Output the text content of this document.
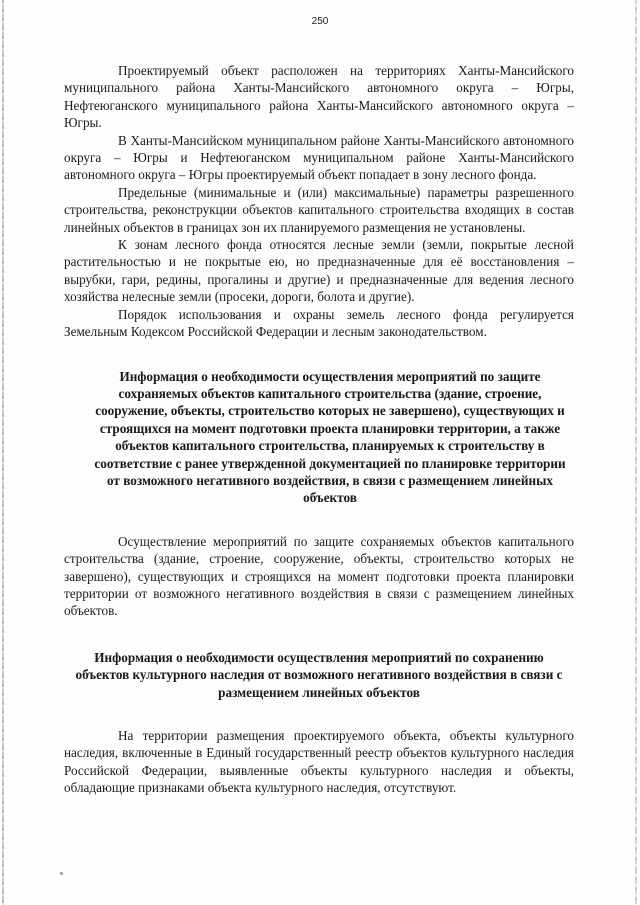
250

Проектируемый объект расположен на территориях Ханты-Мансийского муниципального района Ханты-Мансийского автономного округа – Югры, Нефтеюганского муниципального района Ханты-Мансийского автономного округа – Югры.

В Ханты-Мансийском муниципальном районе Ханты-Мансийского автономного округа – Югры и Нефтеюганском муниципальном районе Ханты-Мансийского автономного округа – Югры проектируемый объект попадает в зону лесного фонда.

Предельные (минимальные и (или) максимальные) параметры разрешенного строительства, реконструкции объектов капитального строительства входящих в состав линейных объектов в границах зон их планируемого размещения не установлены.

К зонам лесного фонда относятся лесные земли (земли, покрытые лесной растительностью и не покрытые ею, но предназначенные для её восстановления – вырубки, гари, редины, прогалины и другие) и предназначенные для ведения лесного хозяйства нелесные земли (просеки, дороги, болота и другие).

Порядок использования и охраны земель лесного фонда регулируется Земельным Кодексом Российской Федерации и лесным законодательством.

Информация о необходимости осуществления мероприятий по защите сохраняемых объектов капитального строительства (здание, строение, сооружение, объекты, строительство которых не завершено), существующих и строящихся на момент подготовки проекта планировки территории, а также объектов капитального строительства, планируемых к строительству в соответствие с ранее утвержденной документацией по планировке территории от возможного негативного воздействия, в связи с размещением линейных объектов

Осуществление мероприятий по защите сохраняемых объектов капитального строительства (здание, строение, сооружение, объекты, строительство которых не завершено), существующих и строящихся на момент подготовки проекта планировки территории от возможного негативного воздействия в связи с размещением линейных объектов.

Информация о необходимости осуществления мероприятий по сохранению объектов культурного наследия от возможного негативного воздействия в связи с размещением линейных объектов

На территории размещения проектируемого объекта, объекты культурного наследия, включенные в Единый государственный реестр объектов культурного наследия Российской Федерации, выявленные объекты культурного наследия и объекты, обладающие признаками объекта культурного наследия, отсутствуют.
